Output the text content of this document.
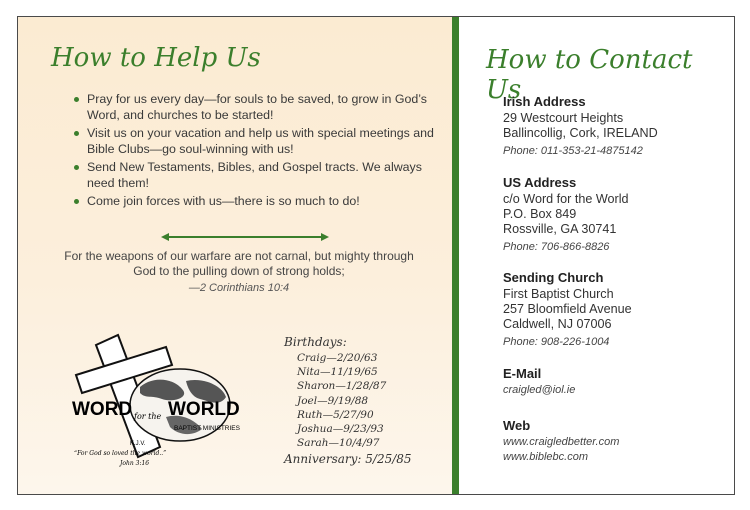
How to Help Us
Pray for us every day—for souls to be saved, to grow in God’s Word, and churches to be started!
Visit us on your vacation and help us with special meetings and Bible Clubs—go soul-winning with us!
Send New Testaments, Bibles, and Gospel tracts. We always need them!
Come join forces with us—there is so much to do!
For the weapons of our warfare are not carnal, but mighty through God to the pulling down of strong holds;
—2 Corinthians 10:4
WORD for the WORLD
BAPTIST MINISTRIES
K.J.V.
“For God so loved the world..”
John 3:16
Birthdays:
Craig—2/20/63
Nita—11/19/65
Sharon—1/28/87
Joel—9/19/88
Ruth—5/27/90
Joshua—9/23/93
Sarah—10/4/97
Anniversary: 5/25/85
How to Contact Us
Irish Address
29 Westcourt Heights
Ballincollig, Cork, IRELAND
Phone: 011-353-21-4875142
US Address
c/o Word for the World
P.O. Box 849
Rossville, GA 30741
Phone: 706-866-8826
Sending Church
First Baptist Church
257 Bloomfield Avenue
Caldwell, NJ 07006
Phone: 908-226-1004
E-Mail
craigled@iol.ie
Web
www.craigledbetter.com
www.biblebc.com
